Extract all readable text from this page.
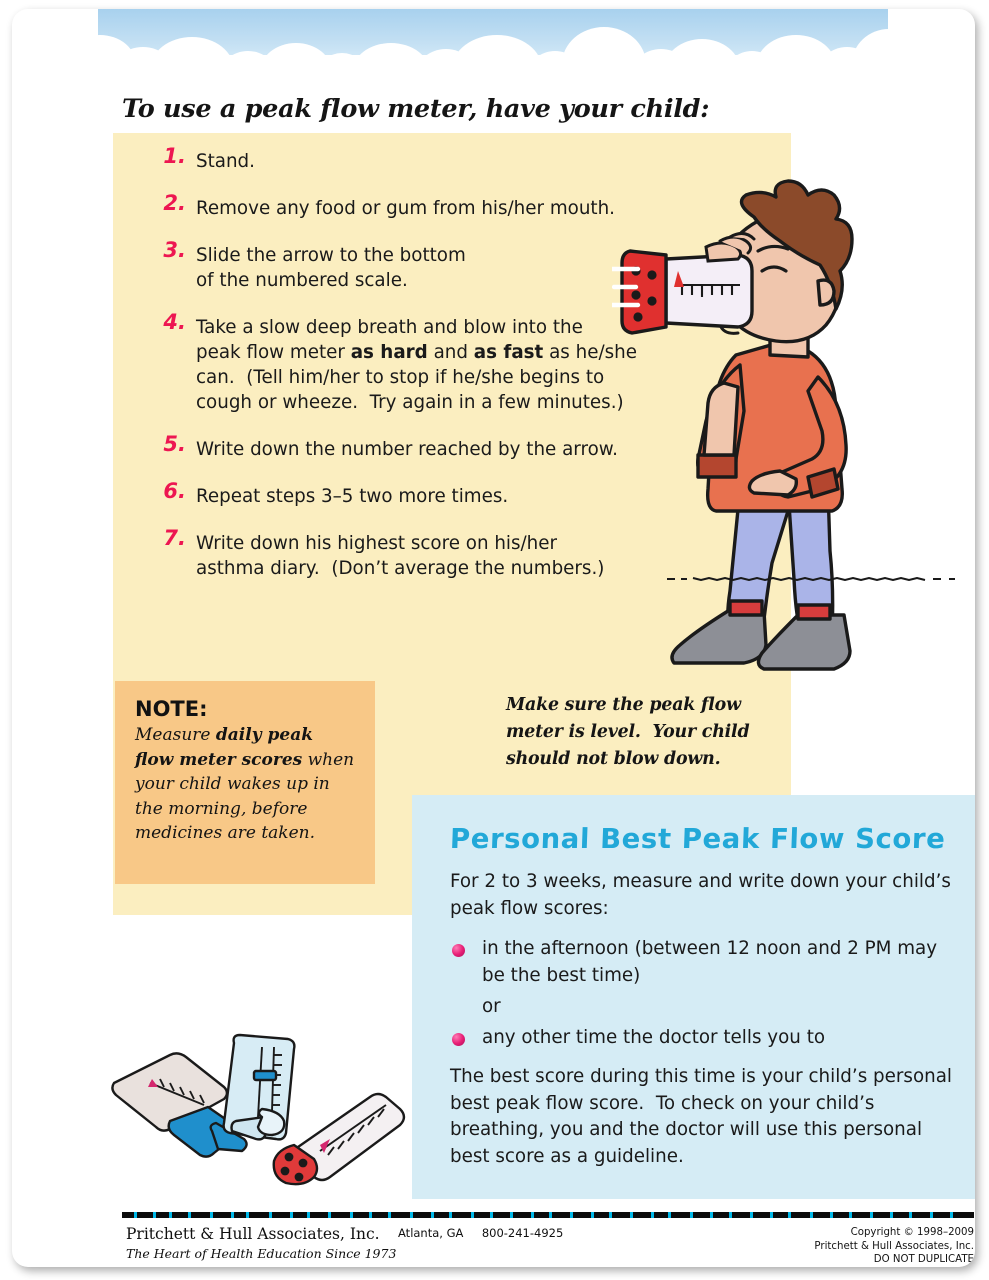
To use a peak flow meter, have your child:
1. Stand.
2. Remove any food or gum from his/her mouth.
3. Slide the arrow to the bottom
of the numbered scale.
4. Take a slow deep breath and blow into the
peak flow meter as hard and as fast as he/she
can.  (Tell him/her to stop if he/she begins to
cough or wheeze.  Try again in a few minutes.)
5. Write down the number reached by the arrow.
6. Repeat steps 3–5 two more times.
7. Write down his highest score on his/her
asthma diary.  (Don’t average the numbers.)
Make sure the peak flow meter is level.  Your child should not blow down.
NOTE:
Measure daily peak flow meter scores when your child wakes up in the morning, before medicines are taken.	Personal Best Peak Flow Score
For 2 to 3 weeks, measure and write down your child’s peak flow scores:
in the afternoon (between 12 noon and 2 PM may be the best time)
or
any other time the doctor tells you to
The best score during this time is your child’s personal best peak flow score.  To check on your child’s breathing, you and the doctor will use this personal best score as a guideline.
Pritchett & Hull Associates, Inc. Atlanta, GA 800-241-4925
The Heart of Health Education Since 1973
Copyright © 1998–2009
Pritchett & Hull Associates, Inc.
DO NOT DUPLICATE
